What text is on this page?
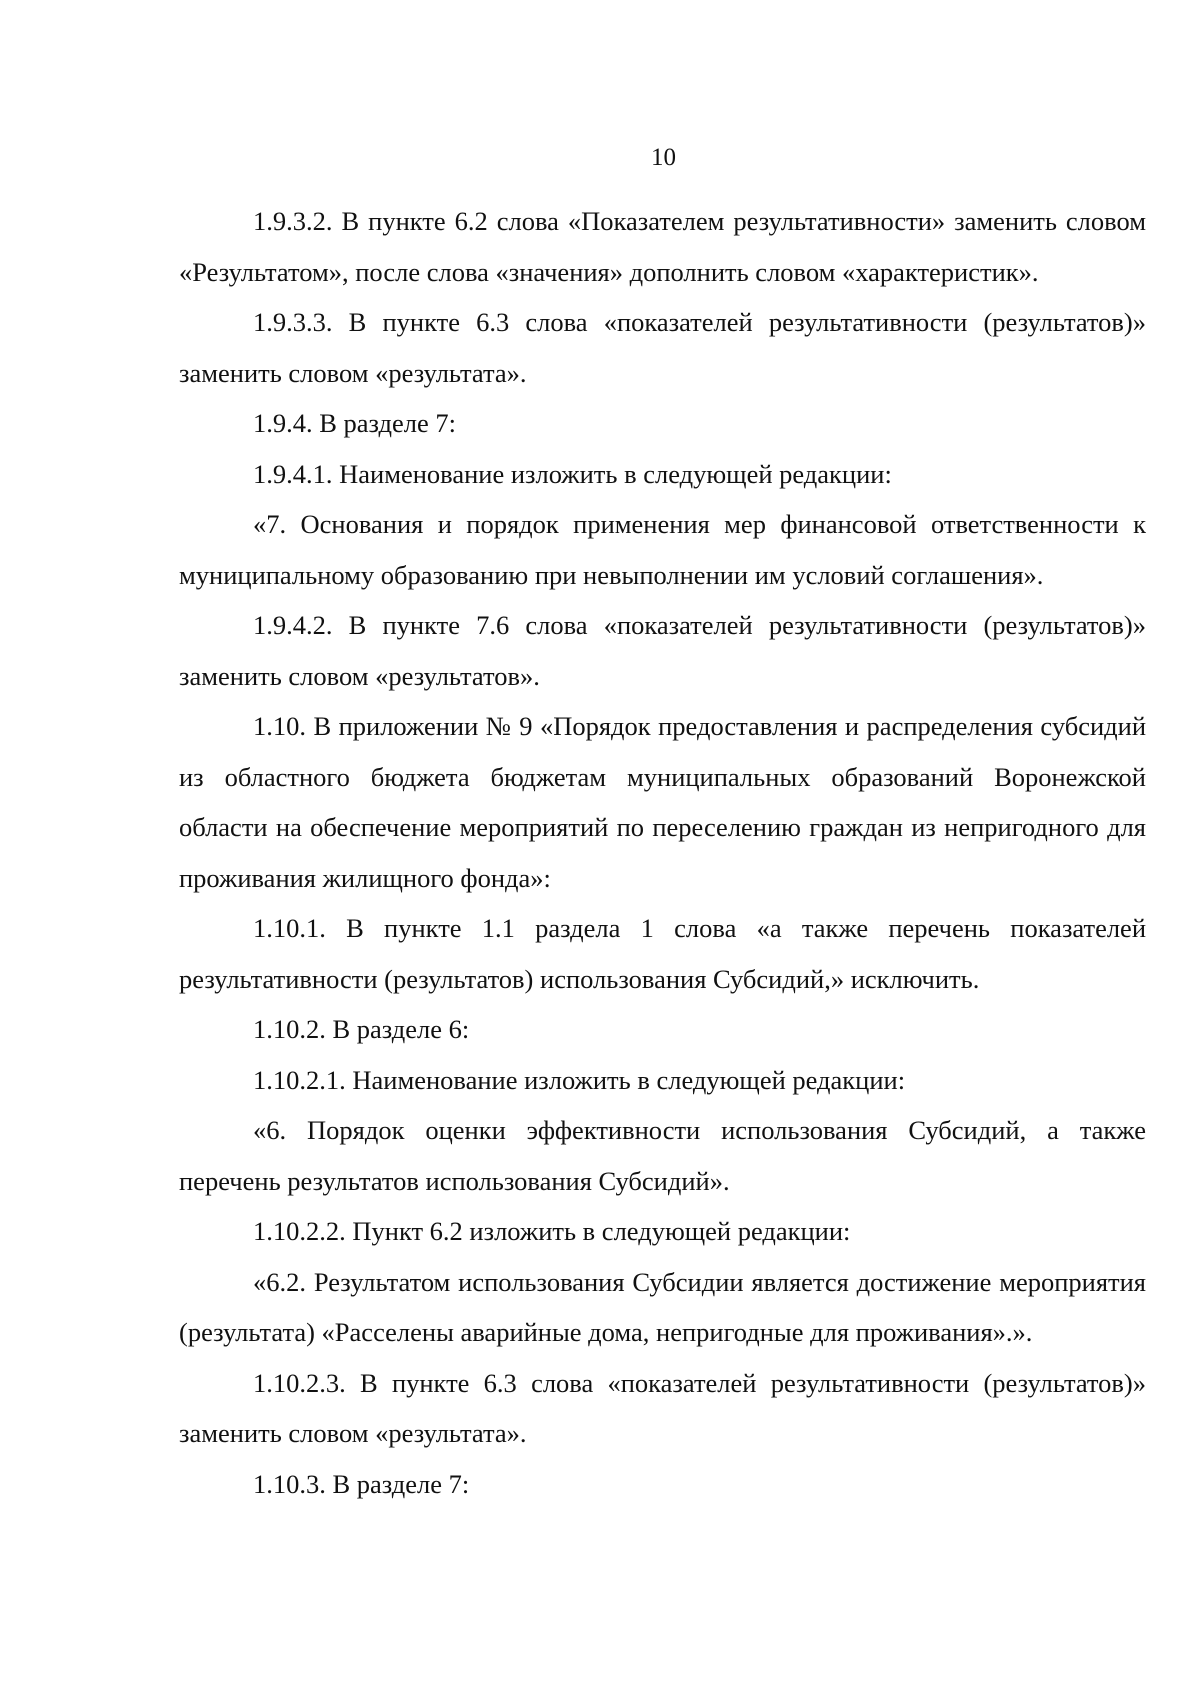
10

1.9.3.2. В пункте 6.2 слова «Показателем результативности» заменить словом «Результатом», после слова «значения» дополнить словом «характеристик».

1.9.3.3. В пункте 6.3 слова «показателей результативности (результатов)» заменить словом «результата».

1.9.4. В разделе 7:

1.9.4.1. Наименование изложить в следующей редакции:

«7. Основания и порядок применения мер финансовой ответственности к муниципальному образованию при невыполнении им условий соглашения».

1.9.4.2. В пункте 7.6 слова «показателей результативности (результатов)» заменить словом «результатов».

1.10. В приложении № 9 «Порядок предоставления и распределения субсидий из областного бюджета бюджетам муниципальных образований Воронежской области на обеспечение мероприятий по переселению граждан из непригодного для проживания жилищного фонда»:

1.10.1. В пункте 1.1 раздела 1 слова «а также перечень показателей результативности (результатов) использования Субсидий,» исключить.

1.10.2. В разделе 6:

1.10.2.1. Наименование изложить в следующей редакции:

«6. Порядок оценки эффективности использования Субсидий, а также перечень результатов использования Субсидий».

1.10.2.2. Пункт 6.2 изложить в следующей редакции:

«6.2. Результатом использования Субсидии является достижение мероприятия (результата) «Расселены аварийные дома, непригодные для проживания».».

1.10.2.3. В пункте 6.3 слова «показателей результативности (результатов)» заменить словом «результата».

1.10.3. В разделе 7:
